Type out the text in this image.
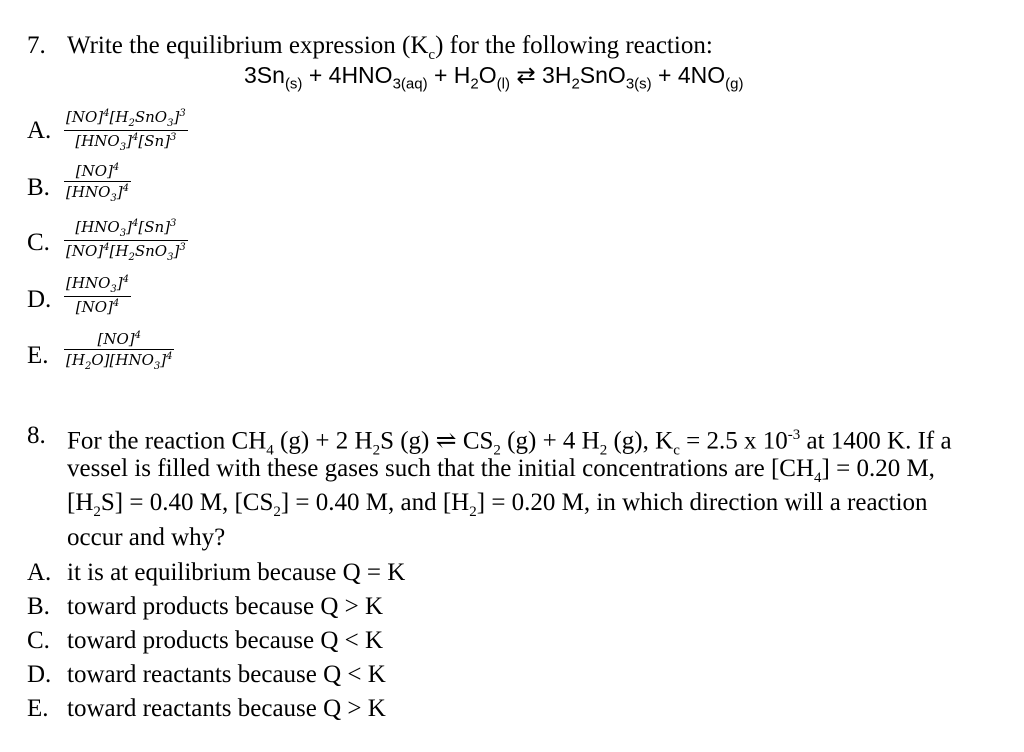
7. Write the equilibrium expression $(K_c)$ for the following reaction:
$3Sn_{(s)} + 4HNO_{3(aq)} + H_2O_{(l)}$ ⇄ $3H_2SnO_{3(s)} + 4NO_{(g)}$
A. $[NO]^4[H_2SnO_3]^3$
$[HNO_3]^4[Sn]^3$
B.
[NO]$^4$
$[HNO_3]^4$
C.
$[HNO_3]^4[Sn]^3$
$[NO]^4[H_2SnO_3]^3$
D.
$[HNO_3]^4$
[NO]$^4$
E.
[NO]$^4$
$[H_2O][HNO_3]^4$
8. For the reaction $CH_4$ (g) + 2 $H_2S$ (g) ⇌ $CS_2$ (g) + 4 $H_2$ (g), $K_c = 2.5$ x $10^{-3}$ at 1400 K. If a
vessel is filled with these gases such that the initial concentrations are $[CH_4] = 0.20$ M,
$[H_2S] = 0.40$ M, $[CS_2] = 0.40$ M, and $[H_2] = 0.20$ M, in which direction will a reaction
occur and why?
A. it is at equilibrium because Q = K
B. toward products because Q > K
C. toward products because Q < K
D. toward reactants because Q < K
E. toward reactants because Q > K
